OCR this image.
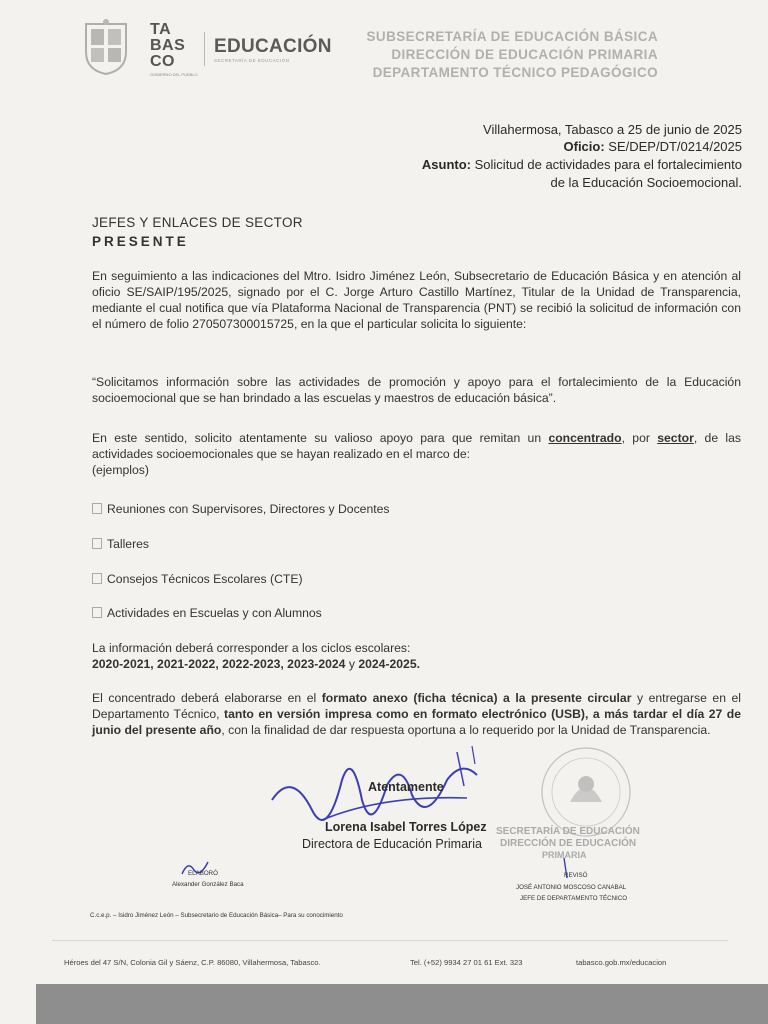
TA
BAS
CO
GOBIERNO DEL PUEBLO
EDUCACIÓN
SECRETARÍA DE EDUCACIÓN
SUBSECRETARÍA DE EDUCACIÓN BÁSICA
DIRECCIÓN DE EDUCACIÓN PRIMARIA
DEPARTAMENTO TÉCNICO PEDAGÓGICO
Villahermosa, Tabasco a 25 de junio de 2025
Oficio: SE/DEP/DT/0214/2025
Asunto: Solicitud de actividades para el fortalecimiento
de la Educación Socioemocional.
JEFES Y ENLACES DE SECTOR
PRESENTE
En seguimiento a las indicaciones del Mtro. Isidro Jiménez León, Subsecretario de Educación Básica y en atención al oficio SE/SAIP/195/2025, signado por el C. Jorge Arturo Castillo Martínez, Titular de la Unidad de Transparencia, mediante el cual notifica que vía Plataforma Nacional de Transparencia (PNT) se recibió la solicitud de información con el número de folio 270507300015725, en la que el particular solicita lo siguiente:
“Solicitamos información sobre las actividades de promoción y apoyo para el fortalecimiento de la Educación socioemocional que se han brindado a las escuelas y maestros de educación básica”.
En este sentido, solicito atentamente su valioso apoyo para que remitan un concentrado, por sector, de las actividades socioemocionales que se hayan realizado en el marco de:
(ejemplos)
Reuniones con Supervisores, Directores y Docentes
Talleres
Consejos Técnicos Escolares (CTE)
Actividades en Escuelas y con Alumnos
La información deberá corresponder a los ciclos escolares:
2020-2021, 2021-2022, 2022-2023, 2023-2024 y 2024-2025.
El concentrado deberá elaborarse en el formato anexo (ficha técnica) a la presente circular y entregarse en el Departamento Técnico, tanto en versión impresa como en formato electrónico (USB), a más tardar el día 27 de junio del presente año, con la finalidad de dar respuesta oportuna a lo requerido por la Unidad de Transparencia.
SECRETARÍA DE EDUCACIÓN
DIRECCIÓN DE EDUCACIÓN
PRIMARIA
Atentamente
Lorena Isabel Torres López
Directora de Educación Primaria
ELABORÓ
Alexander González Baca
REVISÓ
JOSÉ ANTONIO MOSCOSO CANABAL
JEFE DE DEPARTAMENTO TÉCNICO
C.c.e.p. – Isidro Jiménez León – Subsecretario de Educación Básica– Para su conocimiento
Héroes del 47 S/N, Colonia Gil y Sáenz, C.P. 86080, Villahermosa, Tabasco.	Tel. (+52) 9934 27 01 61 Ext. 323	tabasco.gob.mx/educacion
